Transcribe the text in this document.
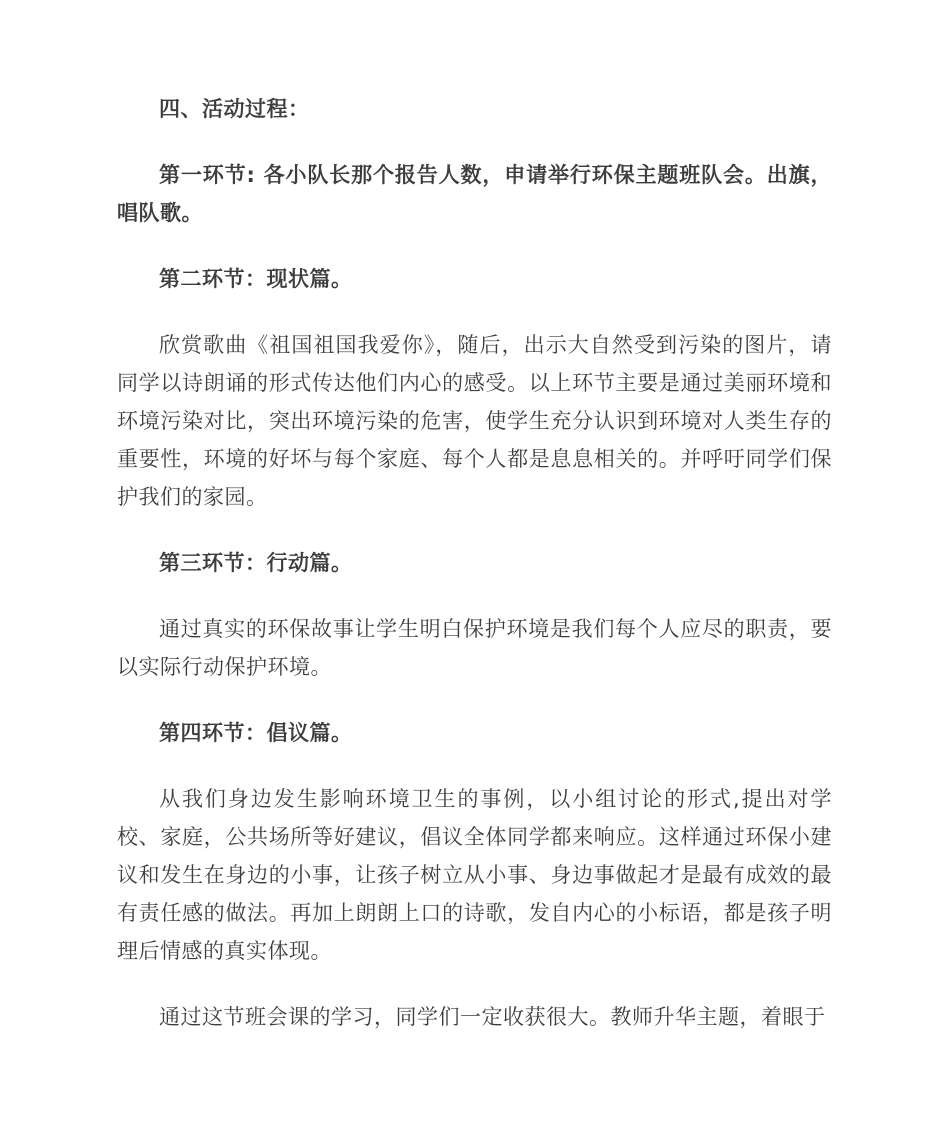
四、活动过程：

第一环节: 各小队长那个报告人数，申请举行环保主题班队会。出旗，唱队歌。

第二环节：现状篇。

欣赏歌曲《祖国祖国我爱你》，随后，出示大自然受到污染的图片，请同学以诗朗诵的形式传达他们内心的感受。以上环节主要是通过美丽环境和环境污染对比，突出环境污染的危害，使学生充分认识到环境对人类生存的重要性，环境的好坏与每个家庭、每个人都是息息相关的。并呼吁同学们保护我们的家园。

第三环节：行动篇。

通过真实的环保故事让学生明白保护环境是我们每个人应尽的职责，要以实际行动保护环境。

第四环节：倡议篇。

从我们身边发生影响环境卫生的事例，以小组讨论的形式,提出对学校、家庭，公共场所等好建议，倡议全体同学都来响应。这样通过环保小建议和发生在身边的小事，让孩子树立从小事、身边事做起才是最有成效的最有责任感的做法。再加上朗朗上口的诗歌，发自内心的小标语，都是孩子明理后情感的真实体现。

通过这节班会课的学习，同学们一定收获很大。教师升华主题，着眼于
